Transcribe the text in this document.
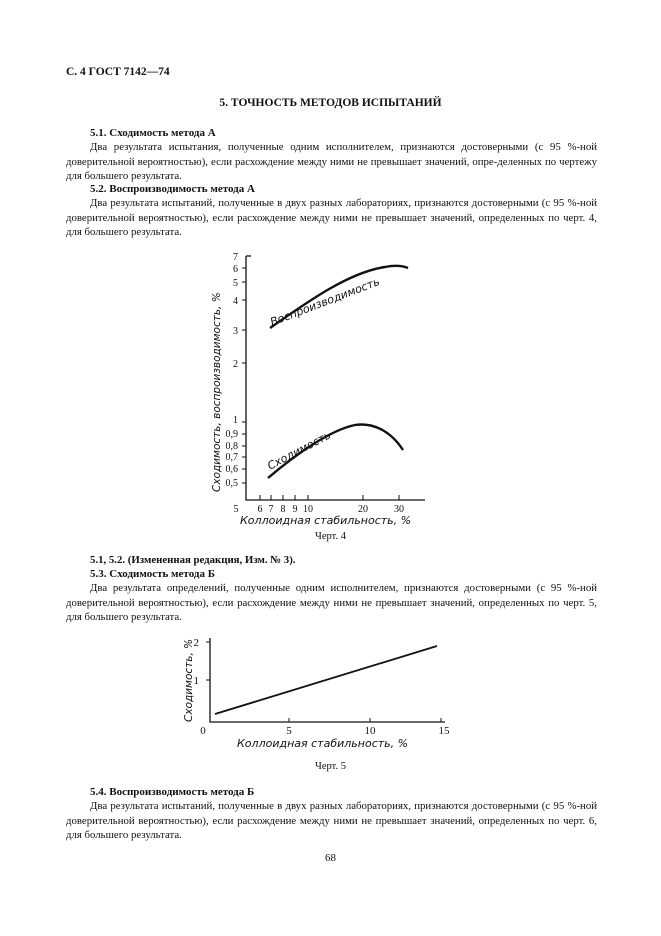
С. 4 ГОСТ 7142—74
5. ТОЧНОСТЬ МЕТОДОВ ИСПЫТАНИЙ
5.1. Сходимость метода А

Два результата испытания, полученные одним исполнителем, признаются достоверными (с 95 %-ной доверительной вероятностью), если расхождение между ними не превышает значений, опре-деленных по чертежу для большего результата.

5.2. Воспроизводимость метода А

Два результата испытаний, полученные в двух разных лабораториях, признаются достоверными (с 95 %-ной доверительной вероятностью), если расхождение между ними не превышает значений, определенных по черт. 4, для большего результата.

7
6
5
4
3
2
1
0,9
0,8
0,7
0,6
0,5
5 6 7 8 9 10	20	30
Воспроизводимость
Сходимость
Сходимость, воспроизводимость, %
Коллоидная стабильность, %
Черт. 4

5.1, 5.2. (Измененная редакция, Изм. № 3).

5.3. Сходимость метода Б

Два результата определений, полученные одним исполнителем, признаются достоверными (с 95 %-ной доверительной вероятностью), если расхождение между ними не превышает значений, определенных по черт. 5, для большего результата.

2
1
0	5	10	15
Сходимость, %
Коллоидная стабильность, %
Черт. 5
5.4. Воспроизводимость метода Б

Два результата испытаний, полученные в двух разных лабораториях, признаются достоверными (с 95 %-ной доверительной вероятностью), если расхождение между ними не превышает значений, определенных по черт. 6, для большего результата.

68
